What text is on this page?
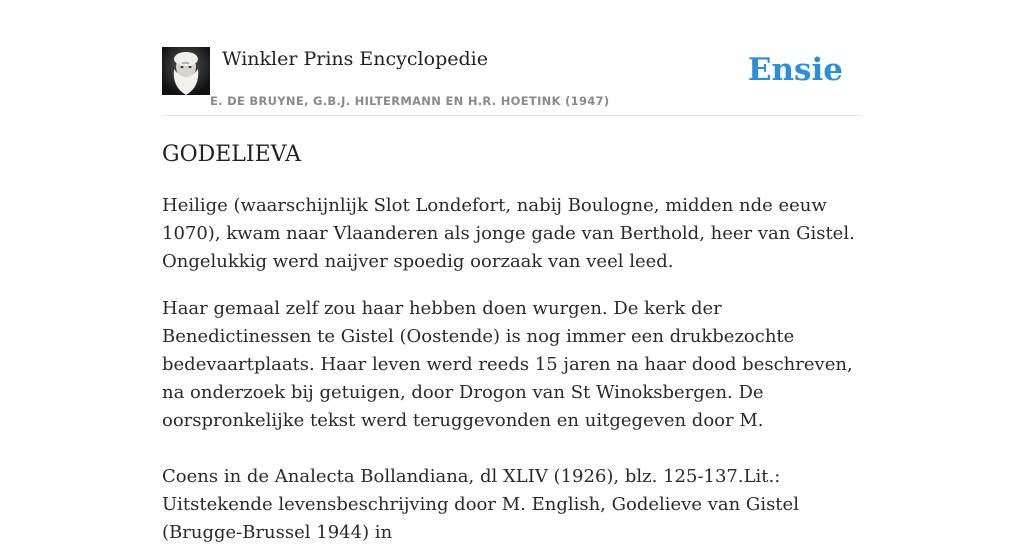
Winkler Prins Encyclopedie
E. DE BRUYNE, G.B.J. HILTERMANN EN H.R. HOETINK (1947)
Ensie
GODELIEVA

Heilige (waarschijnlijk Slot Londefort, nabij Boulogne, midden nde eeuw 1070), kwam naar Vlaanderen als jonge gade van Berthold, heer van Gistel. Ongelukkig werd naijver spoedig oorzaak van veel leed.

Haar gemaal zelf zou haar hebben doen wurgen. De kerk der Benedictinessen te Gistel (Oostende) is nog immer een drukbezochte bedevaartplaats. Haar leven werd reeds 15 jaren na haar dood beschreven, na onderzoek bij getuigen, door Drogon van St Winoksbergen. De oorspronkelijke tekst werd teruggevonden en uitgegeven door M.

Coens in de Analecta Bollandiana, dl XLIV (1926), blz. 125-137.Lit.: Uitstekende levensbeschrijving door M. English, Godelieve van Gistel (Brugge-Brussel 1944) in
